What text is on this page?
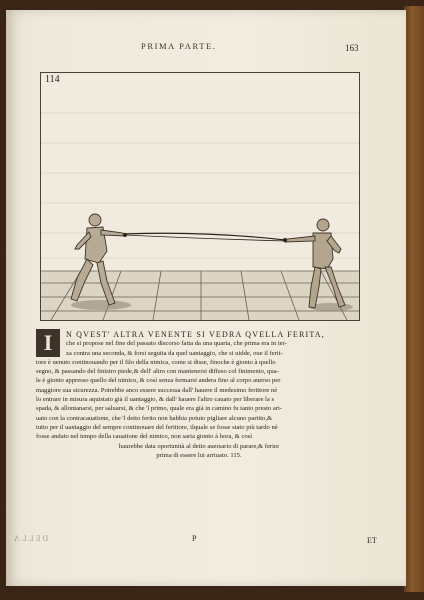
PRIMA PARTE.	163
114
I	N QVEST' ALTRA VENENTE SI VEDRA QVELLA FERITA,
che si propose nel fine del passato discorso fatta da una quarta, che prima era in ter-
za contra una seconda, & forsi seguita da quel uantaggio, che si uidde, oue il ferit-
tore è uenuto continouando per il filo della nimica, come si disse, finoche è gionto à quello
segno, & passando del finistro piede,& dell' altro con mantenersi diffeso col finimento, qua-
le è gionto appresso quello del nimico, & così senza fermarsi andera fino al corpo auerso per
maggiore sua sicurezza. Potrebbe anco essere successa dall' hauere il medesimo ferittore nè
lo entrare in misura aquistato già il uantaggio, & dall' hauere l'altro cauato per liberare la s
spada, & allontanarsi, per saluarsi, & che 'l primo, quale era già in camino fu tanto presto ari-
uato con la contracauatione, che 'l detto ferito non habbia potuto pigliare alcuno partito,&
tutto per il uantaggio del sempre continouare del ferittore, ilquale se fosse stato più tardo nè
fosse andato nel tempo della cauatione del nimico, non saria gionto à hora, & così
haurebbe data oportunità al detto auersario di parare,& ferire
prima di essere lui arriuato. 115.
DELLA	P	ET
